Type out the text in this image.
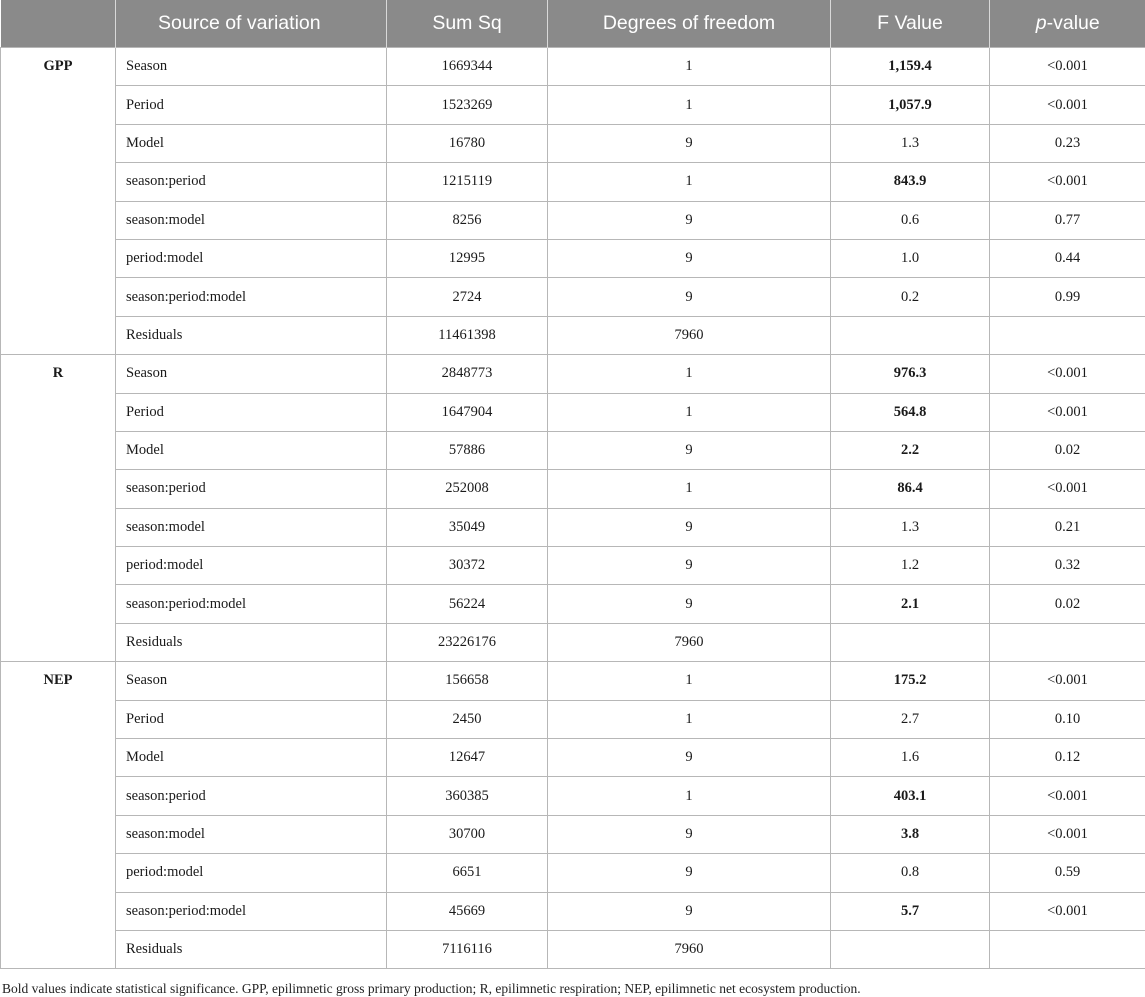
	Source of variation	Sum Sq	Degrees of freedom	F Value	p-value
GPP	Season	1669344	1	1,159.4	<0.001
	Period	1523269	1	1,057.9	<0.001
	Model	16780	9	1.3	0.23
	season:period	1215119	1	843.9	<0.001
	season:model	8256	9	0.6	0.77
	period:model	12995	9	1.0	0.44
	season:period:model	2724	9	0.2	0.99
	Residuals	11461398	7960		
R	Season	2848773	1	976.3	<0.001
	Period	1647904	1	564.8	<0.001
	Model	57886	9	2.2	0.02
	season:period	252008	1	86.4	<0.001
	season:model	35049	9	1.3	0.21
	period:model	30372	9	1.2	0.32
	season:period:model	56224	9	2.1	0.02
	Residuals	23226176	7960		
NEP	Season	156658	1	175.2	<0.001
	Period	2450	1	2.7	0.10
	Model	12647	9	1.6	0.12
	season:period	360385	1	403.1	<0.001
	season:model	30700	9	3.8	<0.001
	period:model	6651	9	0.8	0.59
	season:period:model	45669	9	5.7	<0.001
	Residuals	7116116	7960		
Bold values indicate statistical significance. GPP, epilimnetic gross primary production; R, epilimnetic respiration; NEP, epilimnetic net ecosystem production.
